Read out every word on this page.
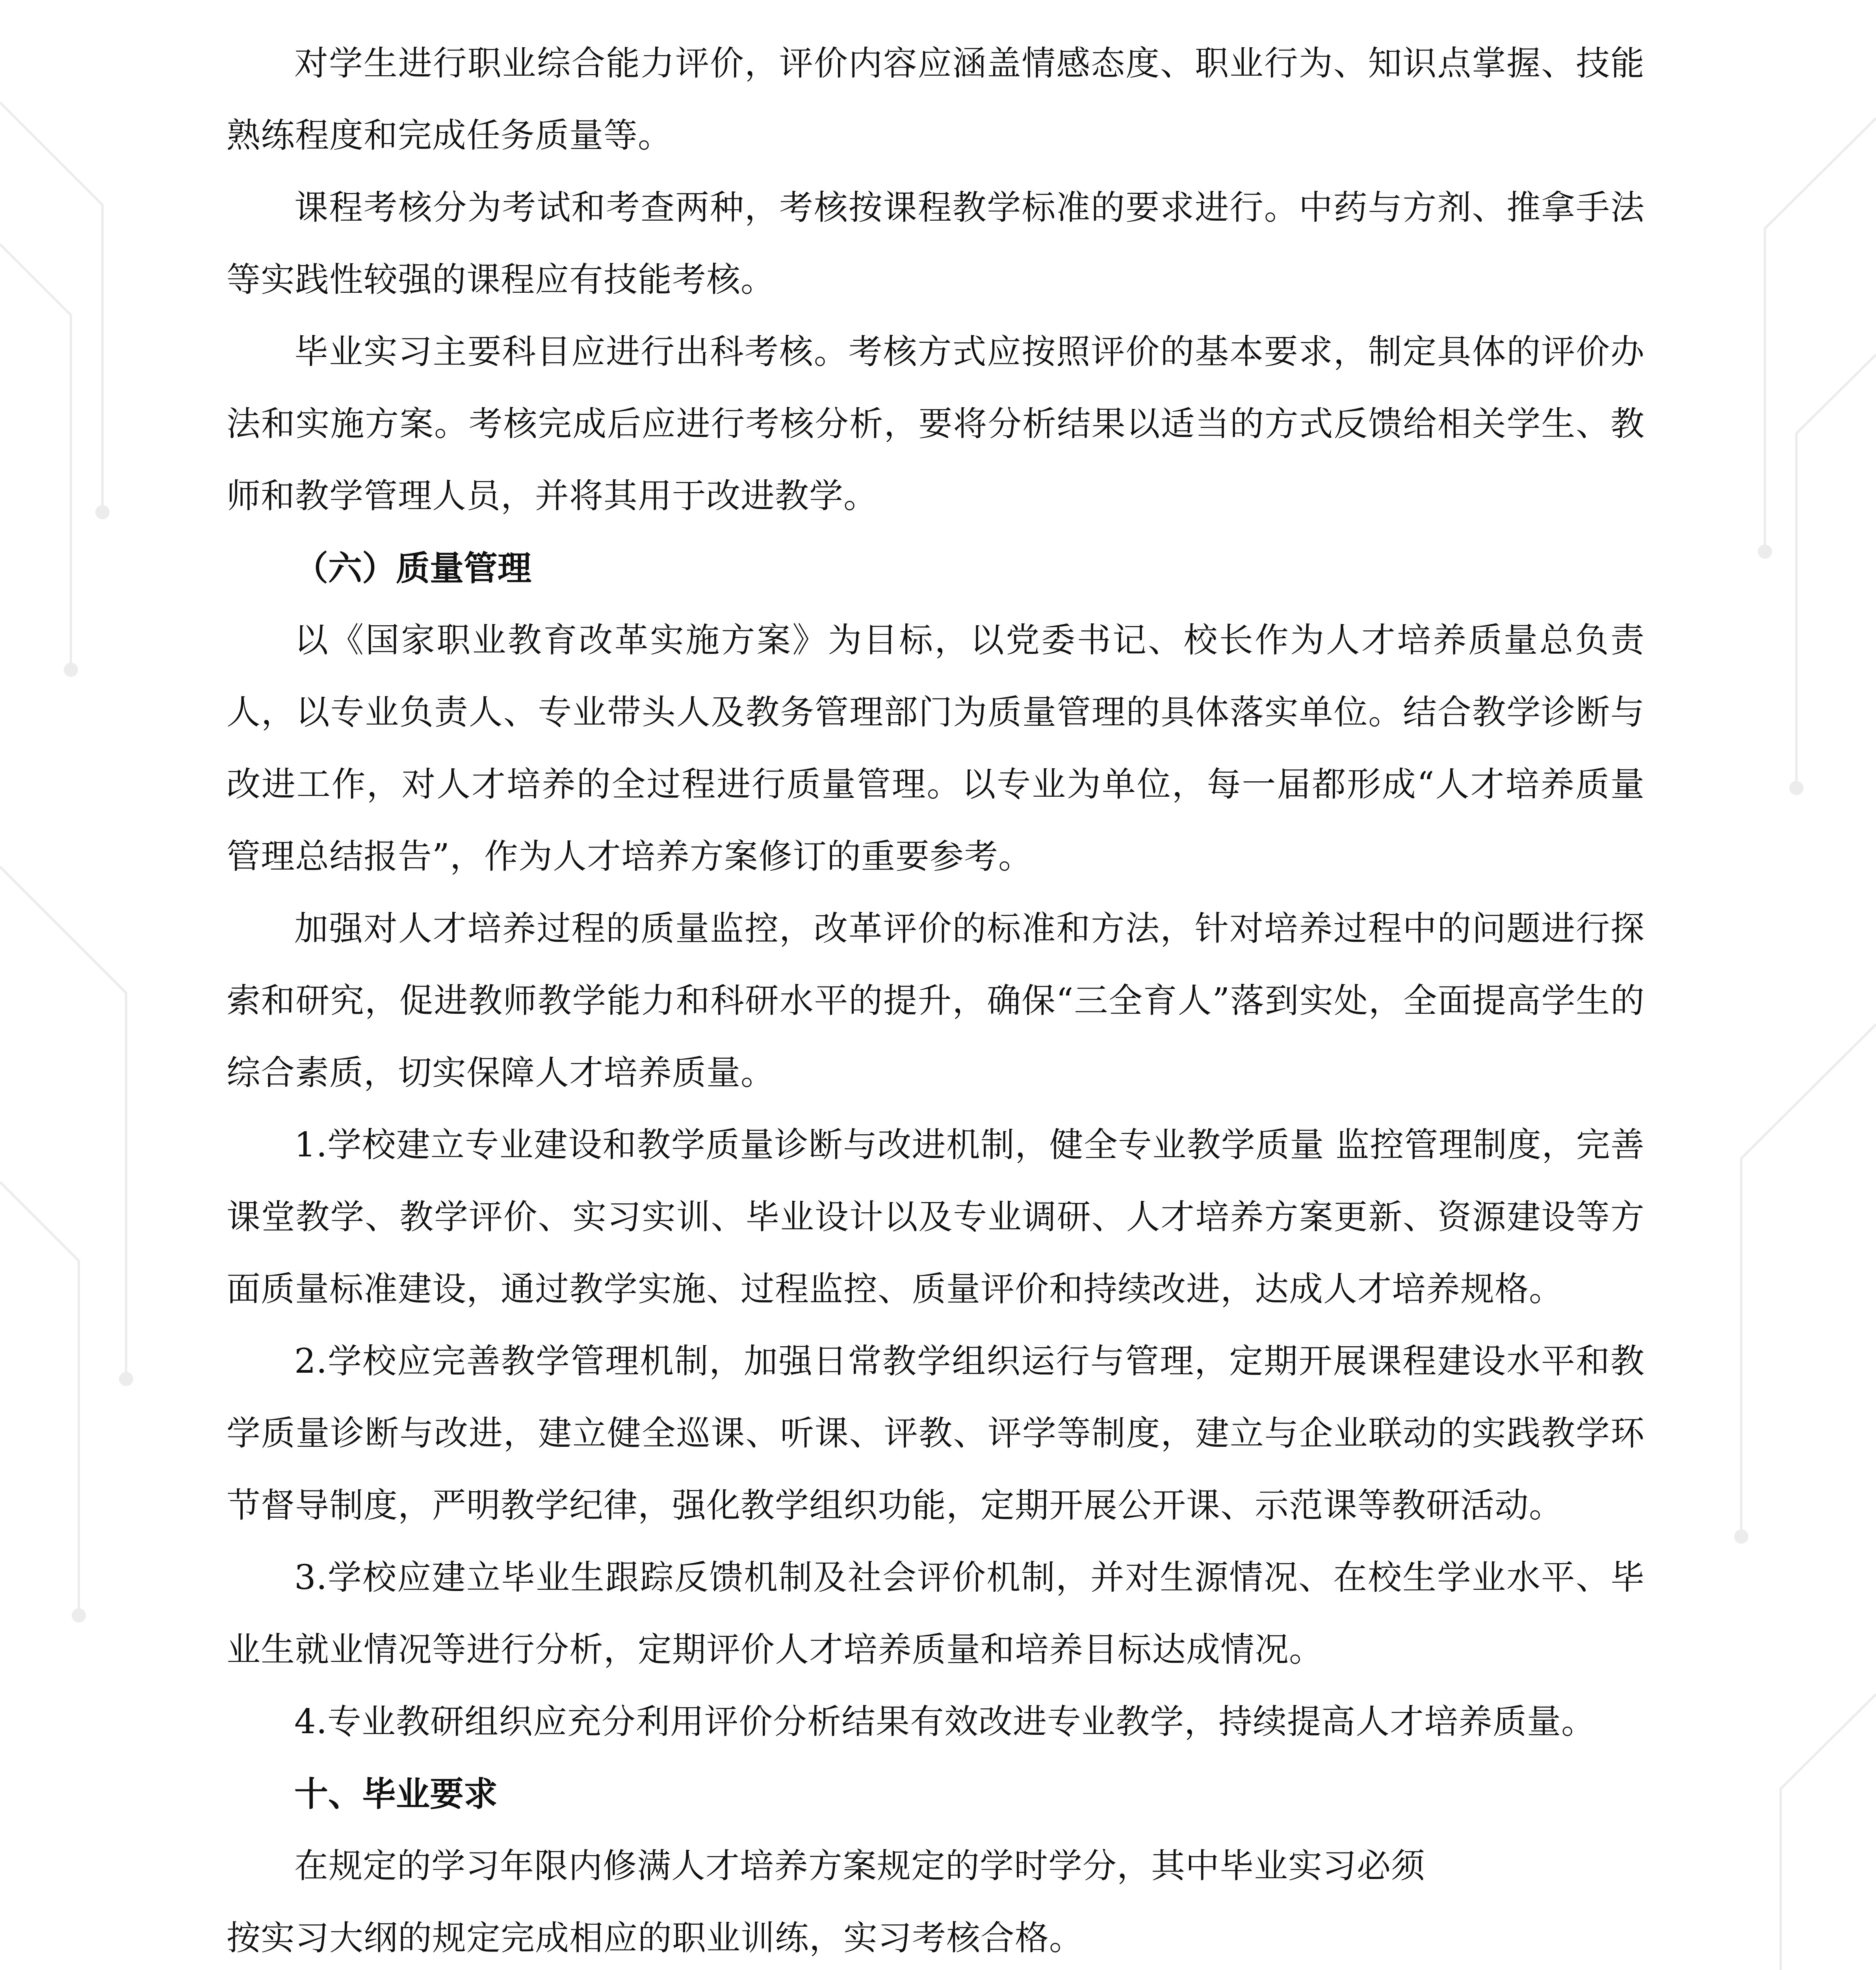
对学生进行职业综合能力评价，评价内容应涵盖情感态度、职业行为、知识点掌握、技能熟练程度和完成任务质量等。

课程考核分为考试和考查两种，考核按课程教学标准的要求进行。中药与方剂、推拿手法等实践性较强的课程应有技能考核。

毕业实习主要科目应进行出科考核。考核方式应按照评价的基本要求，制定具体的评价办法和实施方案。考核完成后应进行考核分析，要将分析结果以适当的方式反馈给相关学生、教师和教学管理人员，并将其用于改进教学。

（六）质量管理

以《国家职业教育改革实施方案》为目标，以党委书记、校长作为人才培养质量总负责人，以专业负责人、专业带头人及教务管理部门为质量管理的具体落实单位。结合教学诊断与改进工作，对人才培养的全过程进行质量管理。以专业为单位，每一届都形成“人才培养质量管理总结报告”，作为人才培养方案修订的重要参考。

加强对人才培养过程的质量监控，改革评价的标准和方法，针对培养过程中的问题进行探索和研究，促进教师教学能力和科研水平的提升，确保“三全育人”落到实处，全面提高学生的综合素质，切实保障人才培养质量。

1.学校建立专业建设和教学质量诊断与改进机制，健全专业教学质量 监控管理制度，完善课堂教学、教学评价、实习实训、毕业设计以及专业调研、人才培养方案更新、资源建设等方面质量标准建设，通过教学实施、过程监控、质量评价和持续改进，达成人才培养规格。

2.学校应完善教学管理机制，加强日常教学组织运行与管理，定期开展课程建设水平和教学质量诊断与改进，建立健全巡课、听课、评教、评学等制度，建立与企业联动的实践教学环节督导制度，严明教学纪律，强化教学组织功能，定期开展公开课、示范课等教研活动。

3.学校应建立毕业生跟踪反馈机制及社会评价机制，并对生源情况、在校生学业水平、毕业生就业情况等进行分析，定期评价人才培养质量和培养目标达成情况。

4.专业教研组织应充分利用评价分析结果有效改进专业教学，持续提高人才培养质量。

十、毕业要求

在规定的学习年限内修满人才培养方案规定的学时学分，其中毕业实习必须

按实习大纲的规定完成相应的职业训练，实习考核合格。
